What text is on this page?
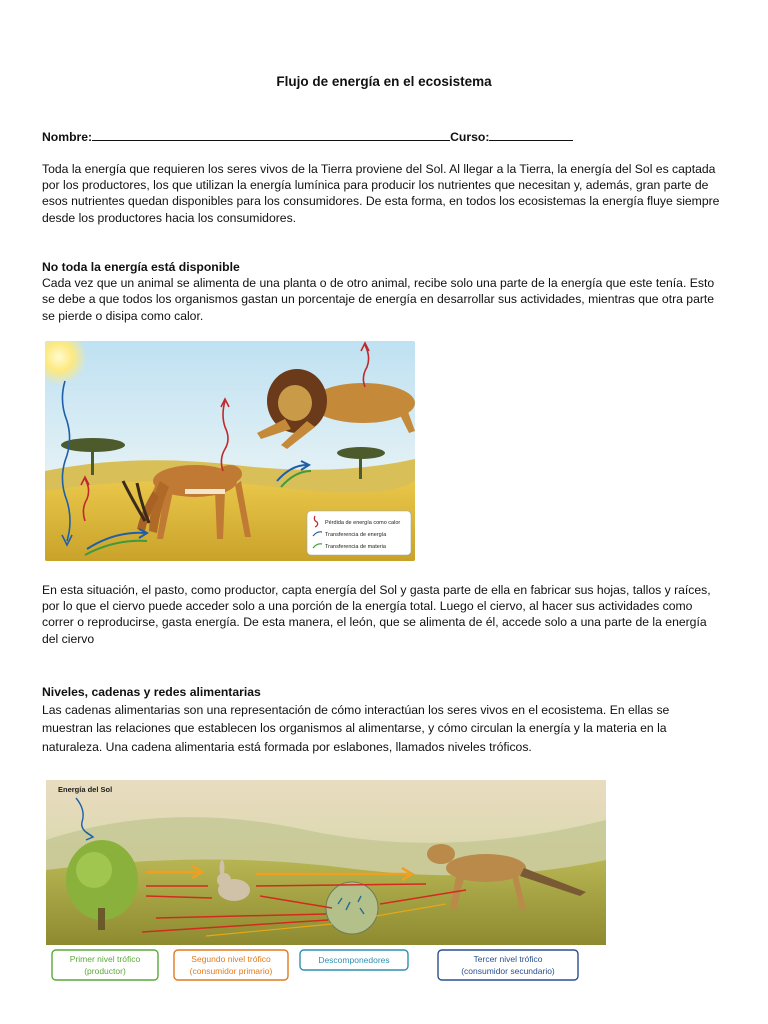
Flujo de energía en el ecosistema
Nombre:	Curso:

Toda la energía que requieren los seres vivos de la Tierra proviene del Sol. Al llegar a la Tierra, la energía del Sol es captada por los productores, los que utilizan la energía lumínica para producir los nutrientes que necesitan y, además, gran parte de esos nutrientes quedan disponibles para los consumidores. De esta forma, en todos los ecosistemas la energía fluye siempre desde los productores hacia los consumidores.

No toda la energía está disponible

Cada vez que un animal se alimenta de una planta o de otro animal, recibe solo una parte de la energía que este tenía. Esto se debe a que todos los organismos gastan un porcentaje de energía en desarrollar sus actividades, mientras que otra parte se pierde o disipa como calor.

Pérdida de energía como calor
Transferencia de energía
Transferencia de materia

En esta situación, el pasto, como productor, capta energía del Sol y gasta parte de ella en fabricar sus hojas, tallos y raíces, por lo que el ciervo puede acceder solo a una porción de la energía total. Luego el ciervo, al hacer sus actividades como correr o reproducirse, gasta energía. De esta manera, el león, que se alimenta de él, accede solo a una parte de la energía del ciervo

Niveles, cadenas y redes alimentarias

Las cadenas alimentarias son una representación de cómo interactúan los seres vivos en el ecosistema. En ellas se muestran las relaciones que establecen los organismos al alimentarse, y cómo circulan la energía y la materia en la naturaleza. Una cadena alimentaria está formada por eslabones, llamados niveles tróficos.

Energía del Sol
Primer nivel trófico
(productor)
Segundo nivel trófico
(consumidor primario)
Descomponedores	Tercer nivel trófico
(consumidor secundario)
